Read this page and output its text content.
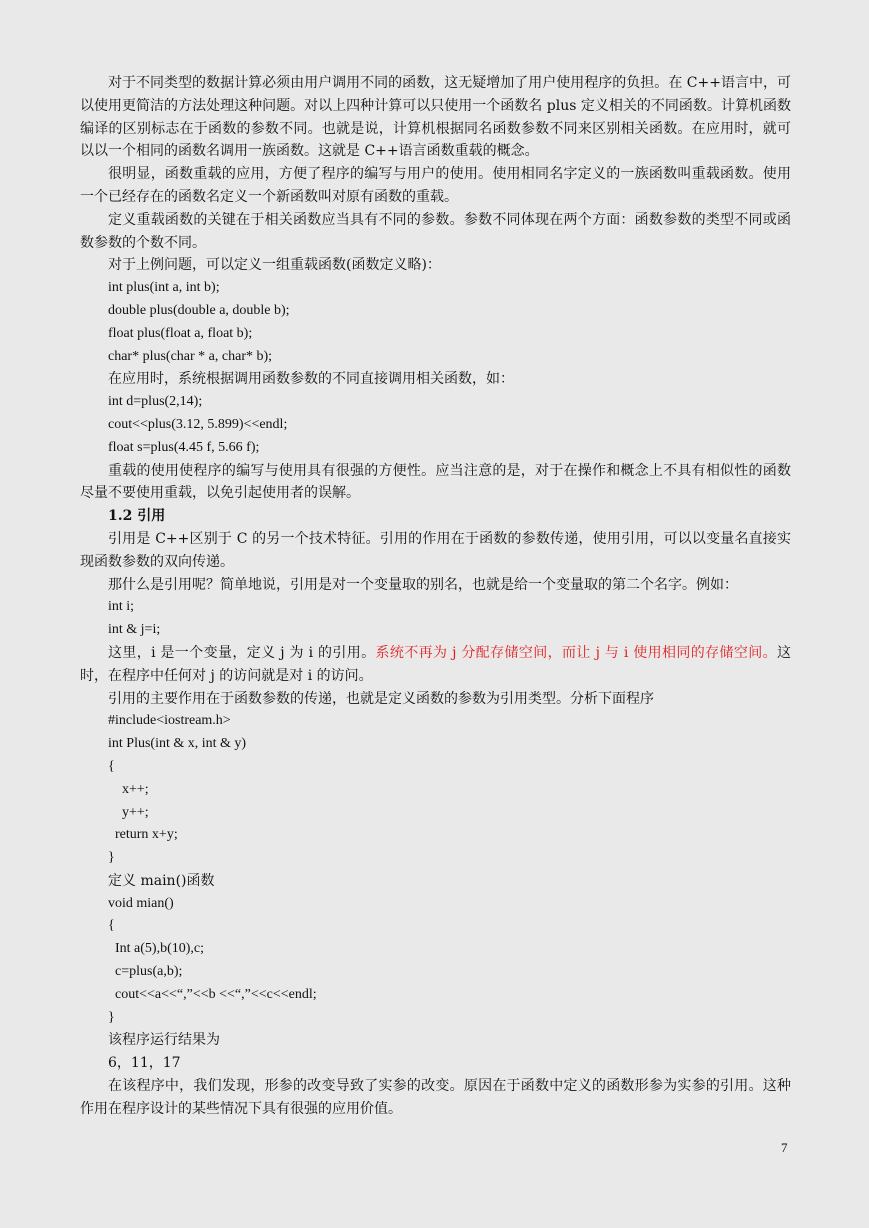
对于不同类型的数据计算必须由用户调用不同的函数，这无疑增加了用户使用程序的负担。在 C++语言中，可以使用更简洁的方法处理这种问题。对以上四种计算可以只使用一个函数名 plus 定义相关的不同函数。计算机函数编译的区别标志在于函数的参数不同。也就是说，计算机根据同名函数参数不同来区别相关函数。在应用时，就可以以一个相同的函数名调用一族函数。这就是 C++语言函数重载的概念。

很明显，函数重载的应用，方便了程序的编写与用户的使用。使用相同名字定义的一族函数叫重载函数。使用一个已经存在的函数名定义一个新函数叫对原有函数的重载。

定义重载函数的关键在于相关函数应当具有不同的参数。参数不同体现在两个方面：函数参数的类型不同或函数参数的个数不同。

对于上例问题，可以定义一组重载函数(函数定义略)：

int plus(int a, int b);
double plus(double a, double b);
float plus(float a, float b);
char* plus(char * a, char* b);

在应用时，系统根据调用函数参数的不同直接调用相关函数，如：

int d=plus(2,14);
cout<<plus(3.12, 5.899)<<endl;
float s=plus(4.45 f, 5.66 f);

重载的使用使程序的编写与使用具有很强的方便性。应当注意的是，对于在操作和概念上不具有相似性的函数尽量不要使用重载，以免引起使用者的误解。

1.2 引用

引用是 C++区别于 C 的另一个技术特征。引用的作用在于函数的参数传递，使用引用，可以以变量名直接实现函数参数的双向传递。

那什么是引用呢？简单地说，引用是对一个变量取的别名，也就是给一个变量取的第二个名字。例如：

int i;
int & j=i;

这里，i 是一个变量，定义 j 为 i 的引用。系统不再为 j 分配存储空间，而让 j 与 i 使用相同的存储空间。这时，在程序中任何对 j 的访问就是对 i 的访问。

引用的主要作用在于函数参数的传递，也就是定义函数的参数为引用类型。分析下面程序

#include<iostream.h>
int Plus(int & x, int & y)
{
x++;
y++;
return x+y;
}

定义 main()函数

void mian()
{
Int a(5),b(10),c;
c=plus(a,b);
cout<<a<<“,”<<b <<“,”<<c<<endl;
}

该程序运行结果为

6，11，17

在该程序中，我们发现，形参的改变导致了实参的改变。原因在于函数中定义的函数形参为实参的引用。这种作用在程序设计的某些情况下具有很强的应用价值。

7
